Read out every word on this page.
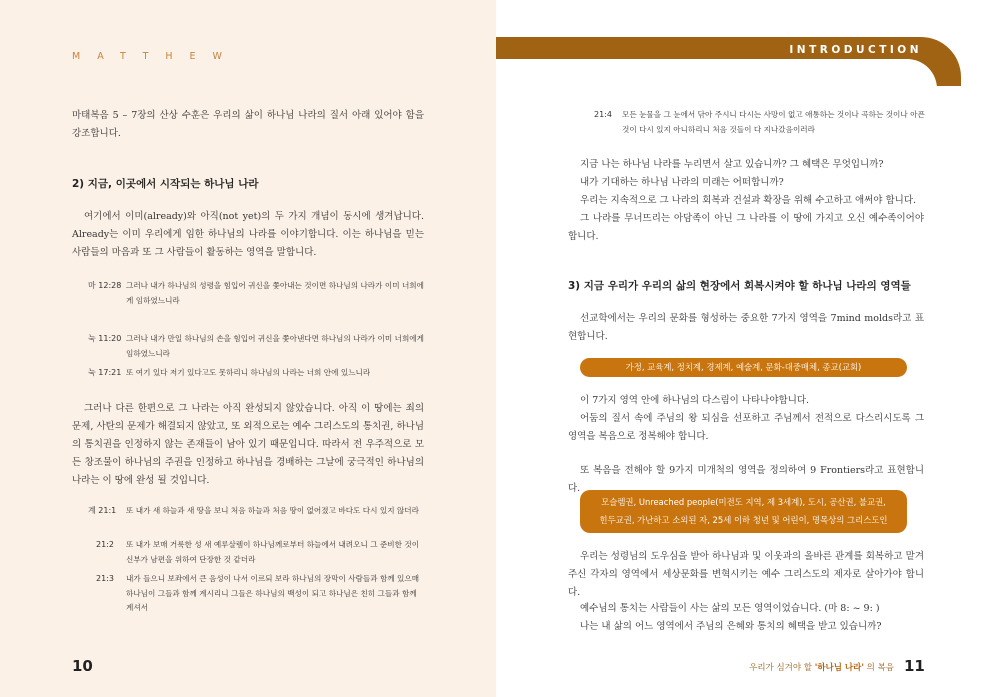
MATTHEW

마태복음 5 – 7장의 산상 수훈은 우리의 삶이 하나님 나라의 질서 아래 있어야 함을 강조합니다.

2) 지금, 이곳에서 시작되는 하나님 나라

여기에서 이미(already)와 아직(not yet)의 두 가지 개념이 동시에 생겨납니다. Already는 이미 우리에게 임한 하나님의 나라를 이야기합니다. 이는 하나님을 믿는 사람들의 마음과 또 그 사람들이 활동하는 영역을 말합니다.

마 12:28 그러나 내가 하나님의 성령을 힘입어 귀신을 쫓아내는 것이면 하나님의 나라가 이미 너희에게 임하였느니라
눅 11:20 그러나 내가 만일 하나님의 손을 힘입어 귀신을 쫓아낸다면 하나님의 나라가 이미 너희에게 임하였느니라
눅 17:21 또 여기 있다 저기 있다고도 못하리니 하나님의 나라는 너희 안에 있느니라

그러나 다른 한편으로 그 나라는 아직 완성되지 않았습니다. 아직 이 땅에는 죄의 문제, 사탄의 문제가 해결되지 않았고, 또 외적으로는 예수 그리스도의 통치권, 하나님의 통치권을 인정하지 않는 존재들이 남아 있기 때문입니다. 따라서 전 우주적으로 모든 창조물이 하나님의 주권을 인정하고 하나님을 경배하는 그날에 궁극적인 하나님의 나라는 이 땅에 완성 될 것입니다.

계 21:1	또 내가 새 하늘과 새 땅을 보니 처음 하늘과 처음 땅이 없어졌고 바다도 다시 있지 않더라
21:2	또 내가 보매 거룩한 성 새 예루살렘이 하나님께로부터 하늘에서 내려오니 그 준비한 것이 신부가 남편을 위하여 단장한 것 같더라
21:3	내가 들으니 보좌에서 큰 음성이 나서 이르되 보라 하나님의 장막이 사람들과 함께 있으매 하나님이 그들과 함께 계시리니 그들은 하나님의 백성이 되고 하나님은 친히 그들과 함께 계셔서
10
INTRODUCTION
21:4	모든 눈물을 그 눈에서 닦아 주시니 다시는 사망이 없고 애통하는 것이나 곡하는 것이나 아픈 것이 다시 있지 아니하리니 처음 것들이 다 지나갔음이러라
지금 나는 하나님 나라를 누리면서 살고 있습니까? 그 혜택은 무엇입니까?
내가 기대하는 하나님 나라의 미래는 어떠합니까?
우리는 지속적으로 그 나라의 회복과 건설과 확장을 위해 수고하고 애써야 합니다.
그 나라를 무너뜨리는 아담족이 아닌 그 나라를 이 땅에 가지고 오신 예수족이어야 합니다.
3) 지금 우리가 우리의 삶의 현장에서 회복시켜야 할 하나님 나라의 영역들

선교학에서는 우리의 문화를 형성하는 중요한 7가지 영역을 7mind molds라고 표현합니다.

가정, 교육계, 정치계, 경제계, 예술계, 문화-대중매체, 종교(교회)
이 7가지 영역 안에 하나님의 다스림이 나타나야합니다.
어둠의 질서 속에 주님의 왕 되심을 선포하고 주님께서 전적으로 다스리시도록 그 영역을 복음으로 정복해야 합니다.

또 복음을 전해야 할 9가지 미개척의 영역을 정의하여 9 Frontiers라고 표현합니다.

모슬렘권, Unreached people(미전도 지역, 제 3세계), 도시, 공산권, 불교권,
힌두교권, 가난하고 소외된 자, 25세 이하 청년 및 어린이, 명목상의 그리스도인

우리는 성령님의 도우심을 받아 하나님과 및 이웃과의 올바른 관계를 회복하고 맡겨주신 각자의 영역에서 세상문화를 변혁시키는 예수 그리스도의 제자로 살아가야 합니다.

예수님의 통치는 사람들이 사는 삶의 모든 영역이었습니다. (마 8: ~ 9: )
나는 내 삶의 어느 영역에서 주님의 은혜와 통치의 혜택을 받고 있습니까?
우리가 심겨야 할 '하나님 나라' 의 복음 11
